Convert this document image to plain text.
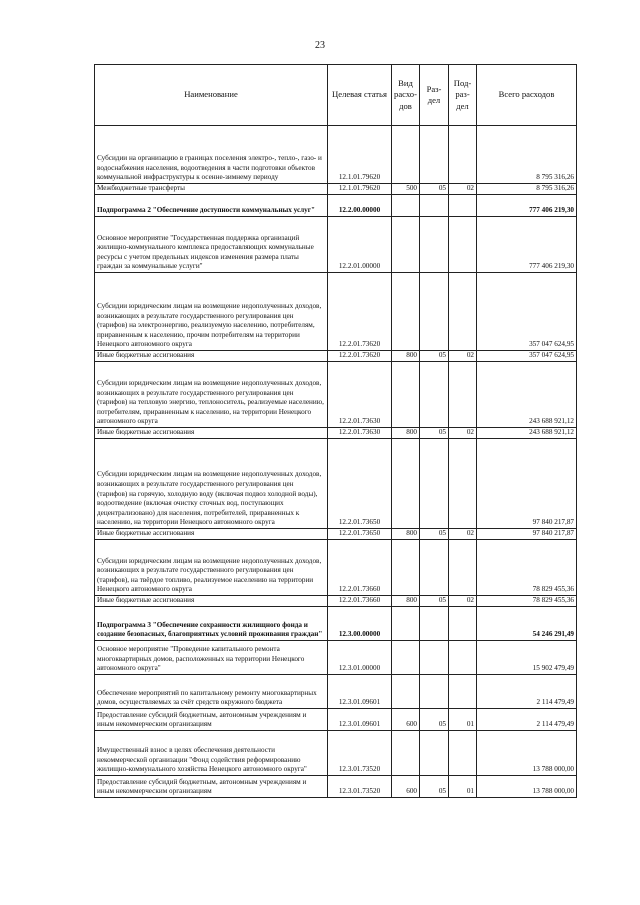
23
Наименование	Целевая статья	Вид расхо-дов	Раз-дел	Под-раз-дел	Всего расходов
Субсидии на организацию в границах поселения электро-, тепло-, газо- и водоснабжения населения, водоотведения в части подготовки объектов коммунальной инфраструктуры к осенне-зимнему периоду	12.1.01.79620				8 795 316,26
Межбюджетные трансферты	12.1.01.79620	500	05	02	8 795 316,26
Подпрограмма 2 "Обеспечение доступности коммунальных услуг"	12.2.00.00000				777 406 219,30
Основное мероприятие "Государственная поддержка организаций жилищно-коммунального комплекса предоставляющих коммунальные ресурсы с учетом предельных индексов изменения размера платы граждан за коммунальные услуги"	12.2.01.00000				777 406 219,30
Субсидии юридическим лицам на возмещение недополученных доходов, возникающих в результате государственного регулирования цен (тарифов) на электроэнергию, реализуемую населению, потребителям, приравненным к населению, прочим потребителям на территории Ненецкого автономного округа	12.2.01.73620				357 047 624,95
Иные бюджетные ассигнования	12.2.01.73620	800	05	02	357 047 624,95
Субсидии юридическим лицам на возмещение недополученных доходов, возникающих в результате государственного регулирования цен (тарифов) на тепловую энергию, теплоноситель, реализуемые населению, потребителям, приравненным к населению, на территории Ненецкого автономного округа	12.2.01.73630				243 688 921,12
Иные бюджетные ассигнования	12.2.01.73630	800	05	02	243 688 921,12
Субсидии юридическим лицам на возмещение недополученных доходов, возникающих в результате государственного регулирования цен (тарифов) на горячую, холодную воду (включая подвоз холодной воды), водоотведение (включая очистку сточных вод, поступающих децентрализовано) для населения, потребителей, приравненных к населению, на территории Ненецкого автономного округа	12.2.01.73650				97 840 217,87
Иные бюджетные ассигнования	12.2.01.73650	800	05	02	97 840 217,87
Субсидии юридическим лицам на возмещение недополученных доходов, возникающих в результате государственного регулирования цен (тарифов), на твёрдое топливо, реализуемое населению на территории Ненецкого автономного округа	12.2.01.73660				78 829 455,36
Иные бюджетные ассигнования	12.2.01.73660	800	05	02	78 829 455,36
Подпрограмма 3 "Обеспечение сохранности жилищного фонда и создание безопасных, благоприятных условий проживания граждан"	12.3.00.00000				54 246 291,49
Основное мероприятие "Проведение капитального ремонта многоквартирных домов, расположенных на территории Ненецкого автономного округа"	12.3.01.00000				15 902 479,49
Обеспечение мероприятий по капитальному ремонту многоквартирных домов, осуществляемых за счёт средств окружного бюджета	12.3.01.09601				2 114 479,49
Предоставление субсидий бюджетным, автономным учреждениям и иным некоммерческим организациям	12.3.01.09601	600	05	01	2 114 479,49
Имущественный взнос в целях обеспечения деятельности некоммерческой организации "Фонд содействия реформированию жилищно-коммунального хозяйства Ненецкого автономного округа"	12.3.01.73520				13 788 000,00
Предоставление субсидий бюджетным, автономным учреждениям и иным некоммерческим организациям	12.3.01.73520	600	05	01	13 788 000,00
